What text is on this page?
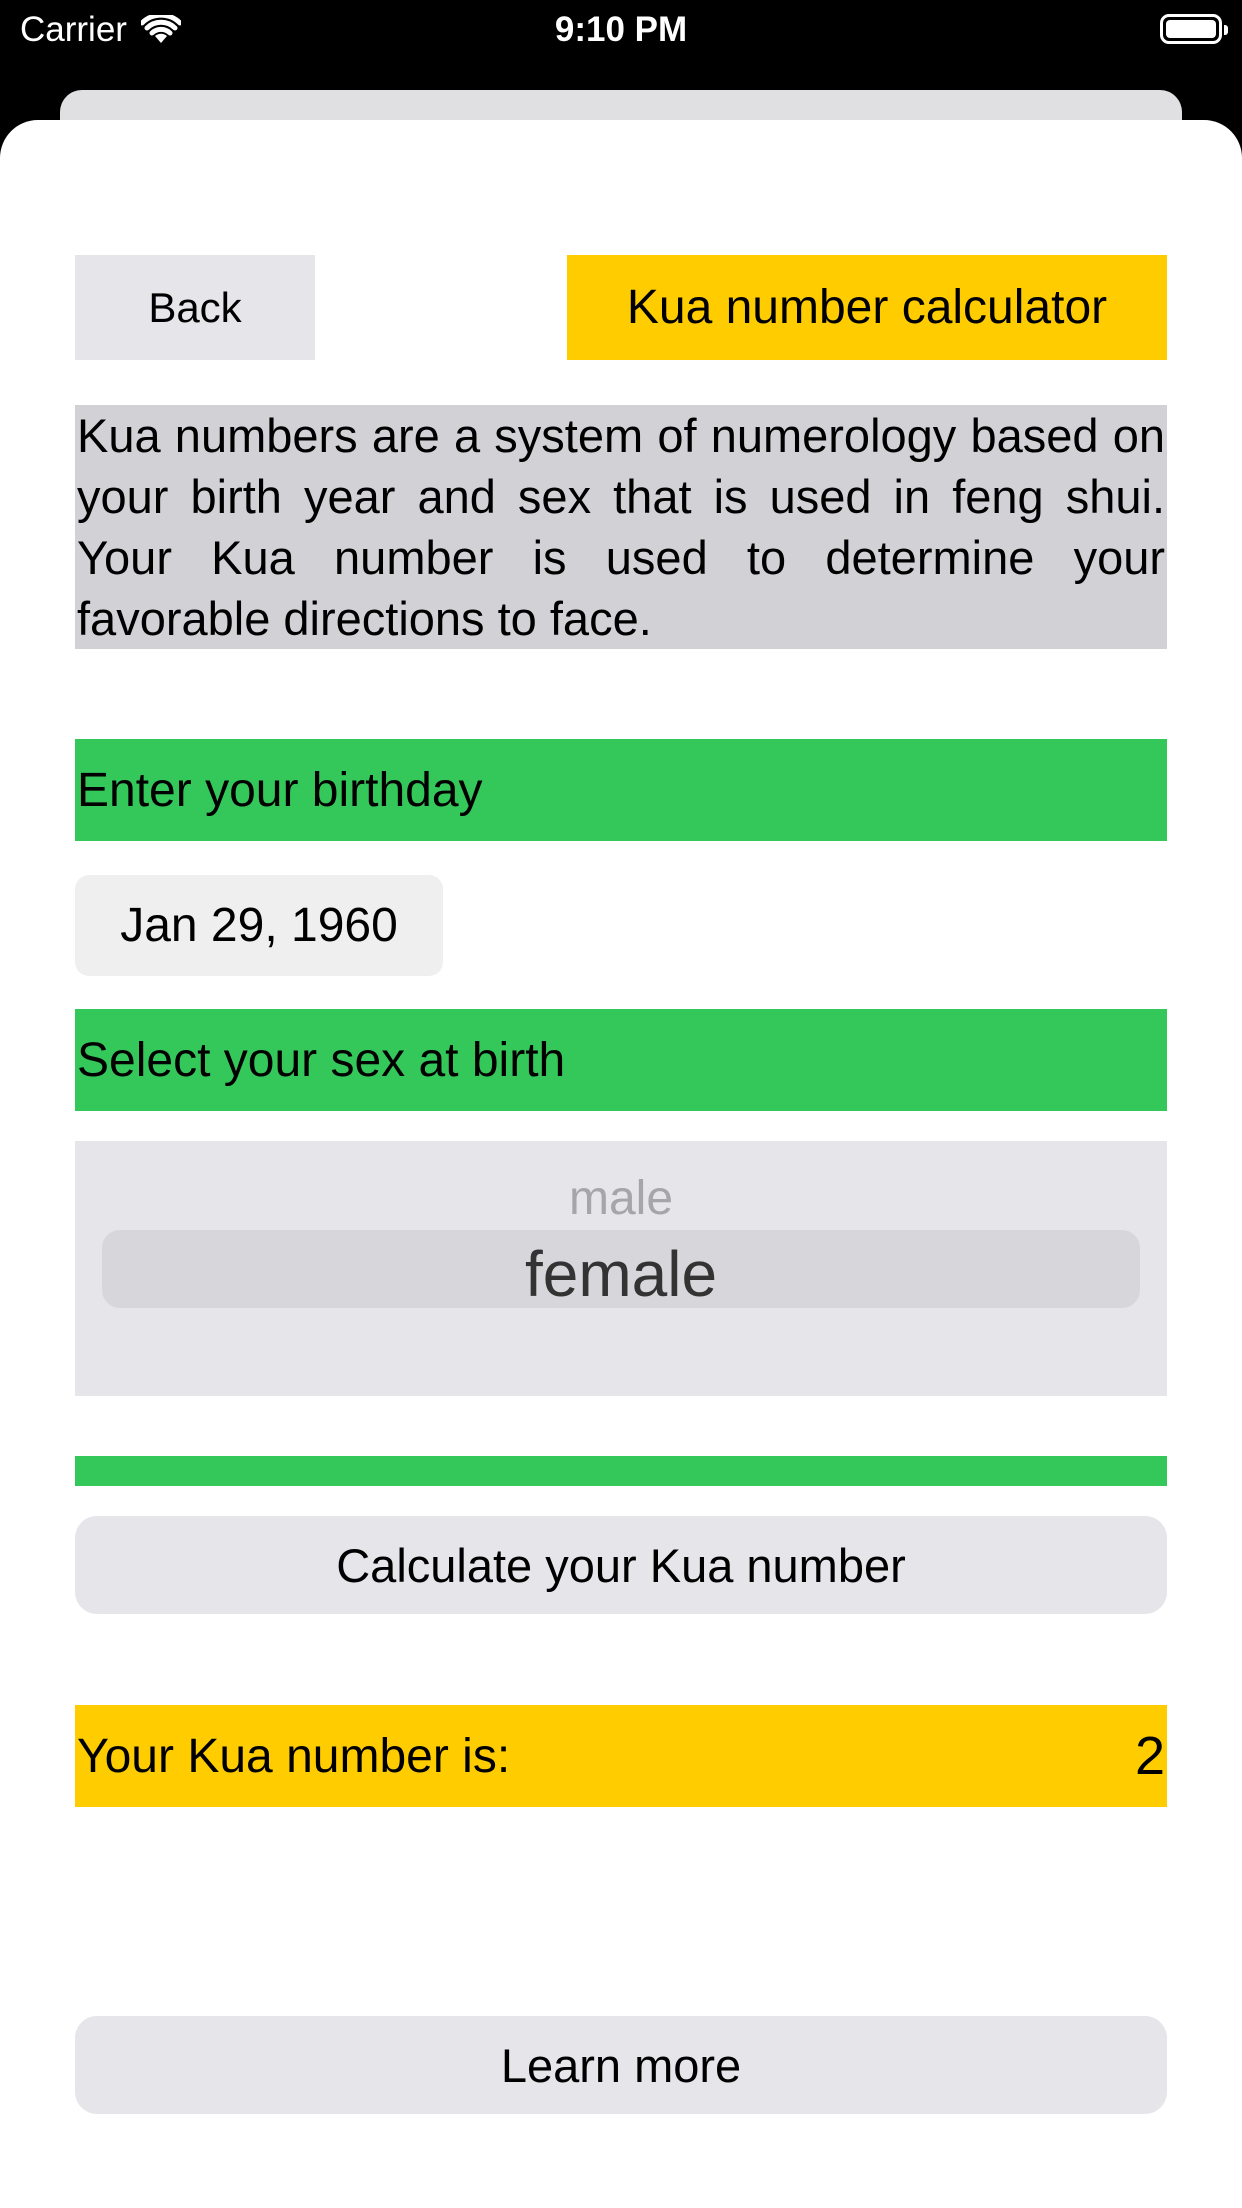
Carrier	9:10 PM
Back	Kua number calculator
Kua numbers are a system of numerology based on your birth year and sex that is used in feng shui. Your Kua number is used to determine your favorable directions to face.
Enter your birthday
Jan 29, 1960
Select your sex at birth
male
female
Calculate your Kua number
Your Kua number is:	2
Learn more
